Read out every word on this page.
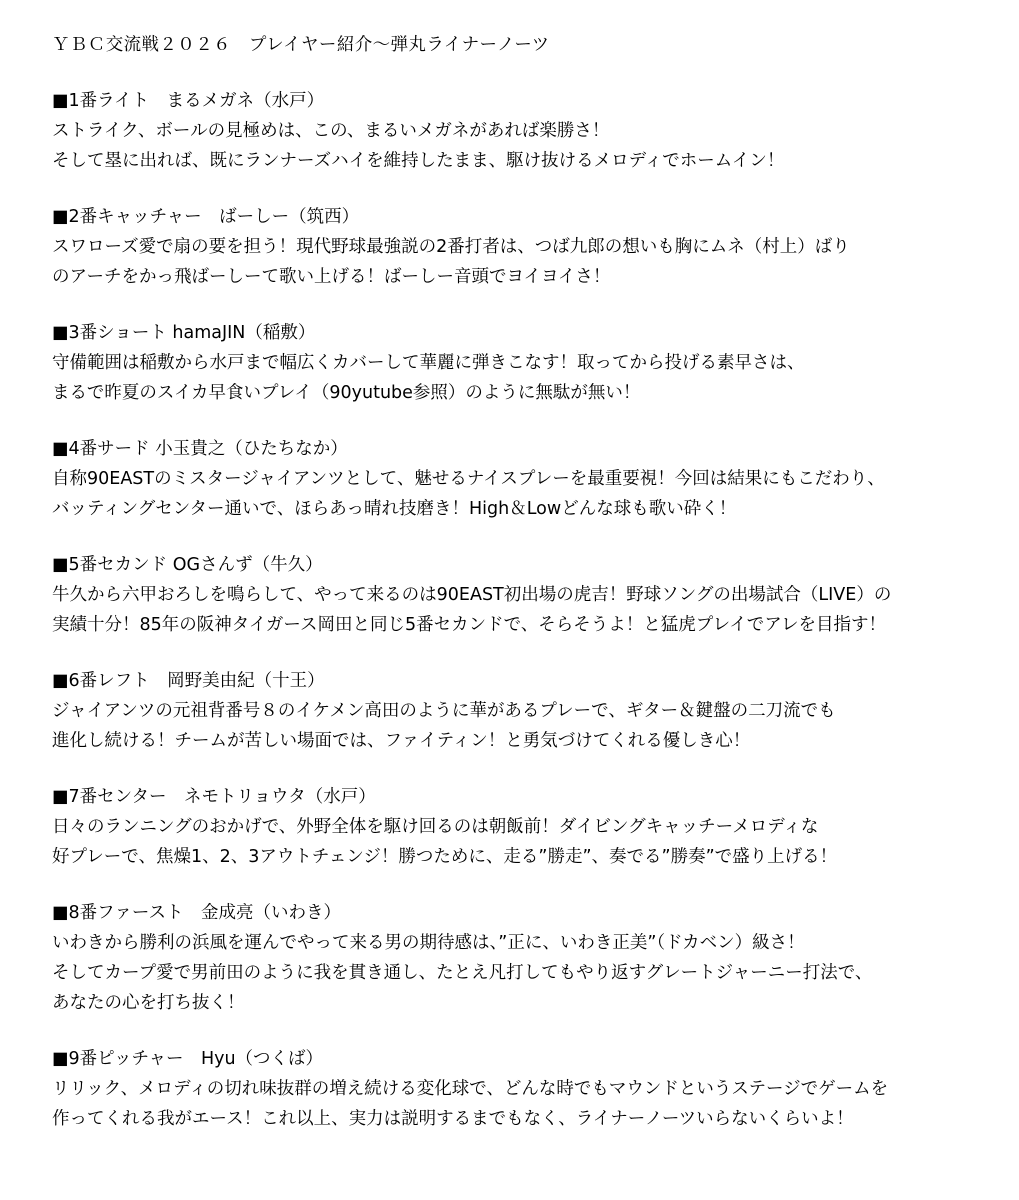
ＹＢＣ交流戦２０２６　プレイヤー紹介～弾丸ライナーノーツ
■1番ライト　まるメガネ（水戸）
ストライク、ボールの見極めは、この、まるいメガネがあれば楽勝さ！
そして塁に出れば、既にランナーズハイを維持したまま、駆け抜けるメロディでホームイン！
■2番キャッチャー　ばーしー（筑西）
スワローズ愛で扇の要を担う！現代野球最強説の2番打者は、つば九郎の想いも胸にムネ（村上）ばり
のアーチをかっ飛ばーしーて歌い上げる！ばーしー音頭でヨイヨイさ！
■3番ショート hamaJIN（稲敷）
守備範囲は稲敷から水戸まで幅広くカバーして華麗に弾きこなす！取ってから投げる素早さは、
まるで昨夏のスイカ早食いプレイ（90yutube参照）のように無駄が無い！
■4番サード 小玉貴之（ひたちなか）
自称90EASTのミスタージャイアンツとして、魅せるナイスプレーを最重要視！今回は結果にもこだわり、
バッティングセンター通いで、ほらあっ晴れ技磨き！High＆Lowどんな球も歌い砕く！
■5番セカンド OGさんず（牛久）
牛久から六甲おろしを鳴らして、やって来るのは90EAST初出場の虎吉！野球ソングの出場試合（LIVE）の
実績十分！85年の阪神タイガース岡田と同じ5番セカンドで、そらそうよ！と猛虎プレイでアレを目指す！
■6番レフト　岡野美由紀（十王）
ジャイアンツの元祖背番号８のイケメン高田のように華があるプレーで、ギター＆鍵盤の二刀流でも
進化し続ける！チームが苦しい場面では、ファイティン！と勇気づけてくれる優しき心！
■7番センター　ネモトリョウタ（水戸）
日々のランニングのおかげで、外野全体を駆け回るのは朝飯前！ダイビングキャッチーメロディな
好プレーで、焦燥1、2、3アウトチェンジ！勝つために、走る”勝走”、奏でる”勝奏”で盛り上げる！
■8番ファースト　金成亮（いわき）
いわきから勝利の浜風を運んでやって来る男の期待感は、”正に、いわき正美”（ドカベン）級さ！
そしてカープ愛で男前田のように我を貫き通し、たとえ凡打してもやり返すグレートジャーニー打法で、
あなたの心を打ち抜く！
■9番ピッチャー　Hyu（つくば）
リリック、メロディの切れ味抜群の増え続ける変化球で、どんな時でもマウンドというステージでゲームを
作ってくれる我がエース！これ以上、実力は説明するまでもなく、ライナーノーツいらないくらいよ！
